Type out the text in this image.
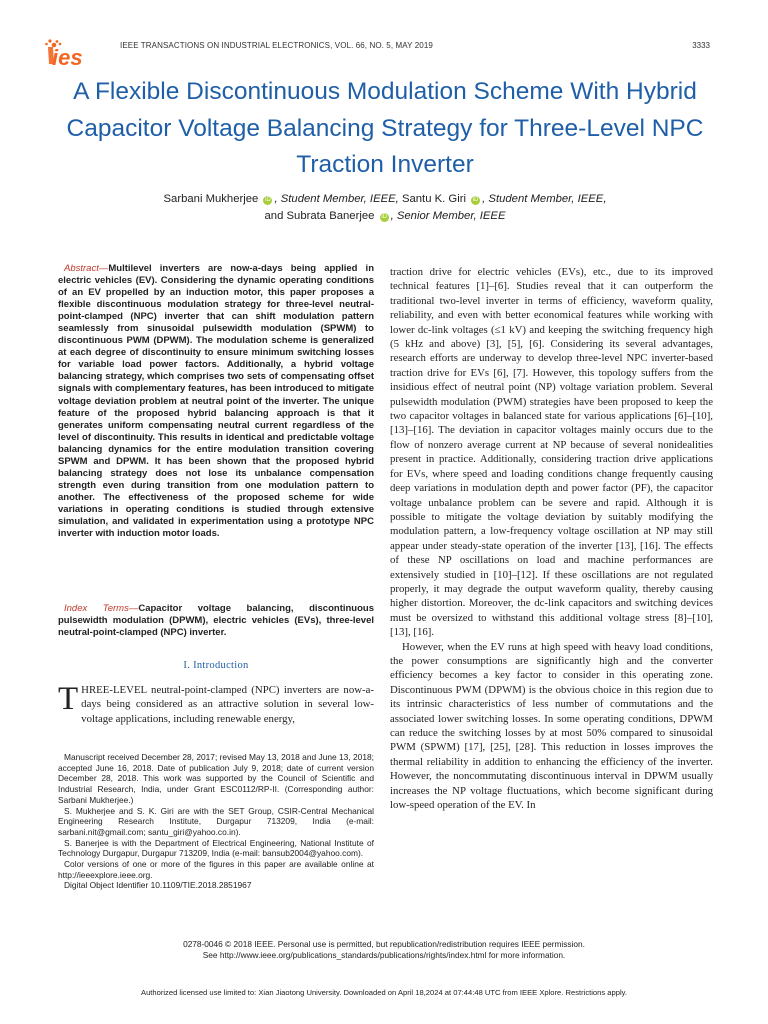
ies	IEEE TRANSACTIONS ON INDUSTRIAL ELECTRONICS, VOL. 66, NO. 5, MAY 2019	3333
A Flexible Discontinuous Modulation Scheme With Hybrid Capacitor Voltage Balancing Strategy for Three-Level NPC Traction Inverter
Sarbani Mukherjee iD , Student Member, IEEE, Santu K. Giri iD , Student Member, IEEE,
and Subrata Banerjee iD , Senior Member, IEEE

Abstract—Multilevel inverters are now-a-days being applied in electric vehicles (EV). Considering the dynamic operating conditions of an EV propelled by an induction motor, this paper proposes a flexible discontinuous modulation strategy for three-level neutral-point-clamped (NPC) inverter that can shift modulation pattern seamlessly from sinusoidal pulsewidth modulation (SPWM) to discontinuous PWM (DPWM). The modulation scheme is generalized at each degree of discontinuity to ensure minimum switching losses for variable load power factors. Additionally, a hybrid voltage balancing strategy, which comprises two sets of compensating offset signals with complementary features, has been introduced to mitigate voltage deviation problem at neutral point of the inverter. The unique feature of the proposed hybrid balancing approach is that it generates uniform compensating neutral current regardless of the level of discontinuity. This results in identical and predictable voltage balancing dynamics for the entire modulation transition covering SPWM and DPWM. It has been shown that the proposed hybrid balancing strategy does not lose its unbalance compensation strength even during transition from one modulation pattern to another. The effectiveness of the proposed scheme for wide variations in operating conditions is studied through extensive simulation, and validated in experimentation using a prototype NPC inverter with induction motor loads.

Index Terms—Capacitor voltage balancing, discontinuous pulsewidth modulation (DPWM), electric vehicles (EVs), three-level neutral-point-clamped (NPC) inverter.

I. Introduction

THREE-LEVEL neutral-point-clamped (NPC) inverters are now-a-days being considered as an attractive solution in several low-voltage applications, including renewable energy,

Manuscript received December 28, 2017; revised May 13, 2018 and June 13, 2018; accepted June 16, 2018. Date of publication July 9, 2018; date of current version December 28, 2018. This work was supported by the Council of Scientific and Industrial Research, India, under Grant ESC0112/RP-II. (Corresponding author: Sarbani Mukherjee.)

S. Mukherjee and S. K. Giri are with the SET Group, CSIR-Central Mechanical Engineering Research Institute, Durgapur 713209, India (e-mail: sarbani.nit@gmail.com; santu_giri@yahoo.co.in).

S. Banerjee is with the Department of Electrical Engineering, National Institute of Technology Durgapur, Durgapur 713209, India (e-mail: bansub2004@yahoo.com).

Color versions of one or more of the figures in this paper are available online at http://ieeexplore.ieee.org.

Digital Object Identifier 10.1109/TIE.2018.2851967

traction drive for electric vehicles (EVs), etc., due to its improved technical features [1]–[6]. Studies reveal that it can outperform the traditional two-level inverter in terms of efficiency, waveform quality, reliability, and even with better economical features while working with lower dc-link voltages (≤1 kV) and keeping the switching frequency high (5 kHz and above) [3], [5], [6]. Considering its several advantages, research efforts are underway to develop three-level NPC inverter-based traction drive for EVs [6], [7]. However, this topology suffers from the insidious effect of neutral point (NP) voltage variation problem. Several pulsewidth modulation (PWM) strategies have been proposed to keep the two capacitor voltages in balanced state for various applications [6]–[10], [13]–[16]. The deviation in capacitor voltages mainly occurs due to the flow of nonzero average current at NP because of several nonidealities present in practice. Additionally, considering traction drive applications for EVs, where speed and loading conditions change frequently causing deep variations in modulation depth and power factor (PF), the capacitor voltage unbalance problem can be severe and rapid. Although it is possible to mitigate the voltage deviation by suitably modifying the modulation pattern, a low-frequency voltage oscillation at NP may still appear under steady-state operation of the inverter [13], [16]. The effects of these NP oscillations on load and machine performances are extensively studied in [10]–[12]. If these oscillations are not regulated properly, it may degrade the output waveform quality, thereby causing higher distortion. Moreover, the dc-link capacitors and switching devices must be oversized to withstand this additional voltage stress [8]–[10], [13], [16].

However, when the EV runs at high speed with heavy load conditions, the power consumptions are significantly high and the converter efficiency becomes a key factor to consider in this operating zone. Discontinuous PWM (DPWM) is the obvious choice in this region due to its intrinsic characteristics of less number of commutations and the associated lower switching losses. In some operating conditions, DPWM can reduce the switching losses by at most 50% compared to sinusoidal PWM (SPWM) [17], [25], [28]. This reduction in losses improves the thermal reliability in addition to enhancing the efficiency of the inverter. However, the noncommutating discontinuous interval in DPWM usually increases the NP voltage fluctuations, which become significant during low-speed operation of the EV. In

0278-0046 © 2018 IEEE. Personal use is permitted, but republication/redistribution requires IEEE permission.
See http://www.ieee.org/publications_standards/publications/rights/index.html for more information.
Authorized licensed use limited to: Xian Jiaotong University. Downloaded on April 18,2024 at 07:44:48 UTC from IEEE Xplore. Restrictions apply.
